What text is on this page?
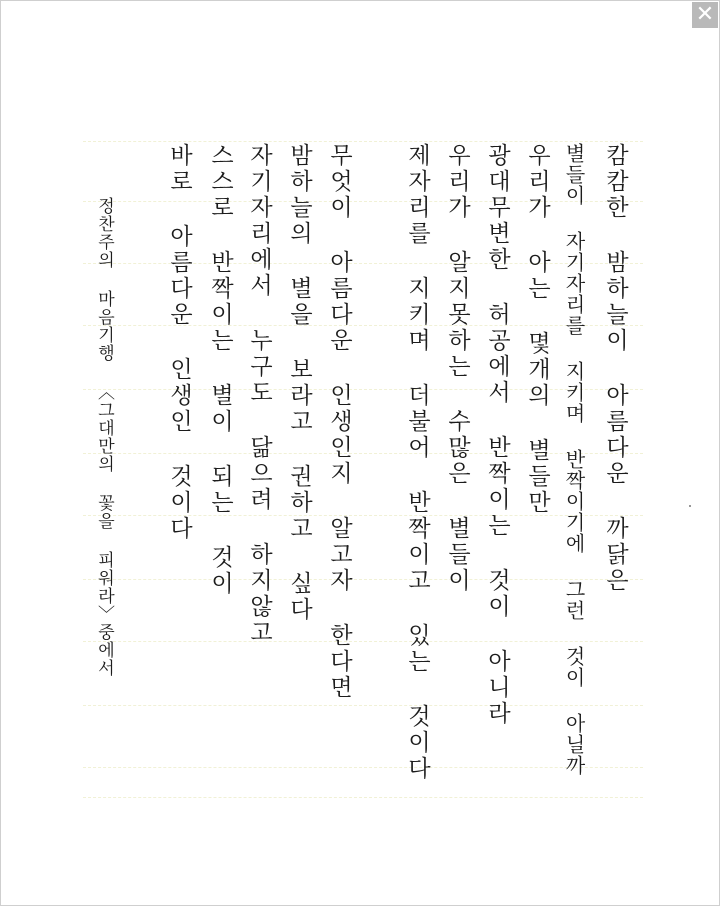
캄캄한 밤하늘이 아름다운 까닭은
별들이 자기자리를 지키며 반짝이기에 그런 것이 아닐까
우리가 아는 몇개의 별들만
광대무변한 허공에서 반짝이는 것이 아니라
우리가 알지못하는 수많은 별들이
제자리를 지키며 더불어 반짝이고 있는 것이다
무엇이 아름다운 인생인지 알고자 한다면
밤하늘의 별을 보라고 권하고 싶다
자기자리에서 누구도 닮으려 하지않고
스스로 반짝이는 별이 되는 것이
바로 아름다운 인생인 것이다
정찬주의 마음기행 〈그대만의 꽃을 피워라〉중에서
✕
